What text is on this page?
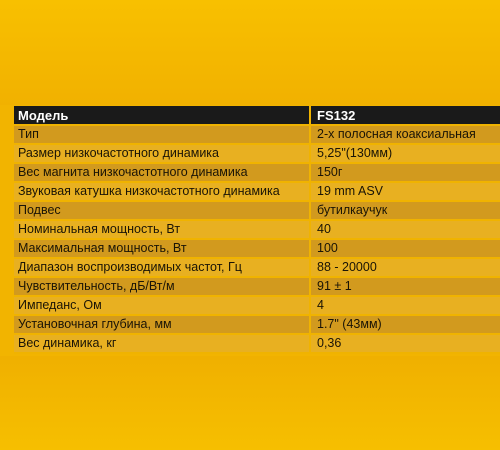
Модель	FS132
Тип	2-х полосная коаксиальная
Размер низкочастотного динамика	5,25"(130мм)
Вес магнита низкочастотного динамика	150г
Звуковая катушка низкочастотного динамика	19 mm ASV
Подвес	бутилкаучук
Номинальная мощность, Вт	40
Максимальная мощность, Вт	100
Диапазон воспроизводимых частот, Гц	88 - 20000
Чувствительность, дБ/Вт/м	91 ± 1
Импеданс, Ом	4
Установочная глубина, мм	1.7" (43мм)
Вес динамика, кг	0,36
